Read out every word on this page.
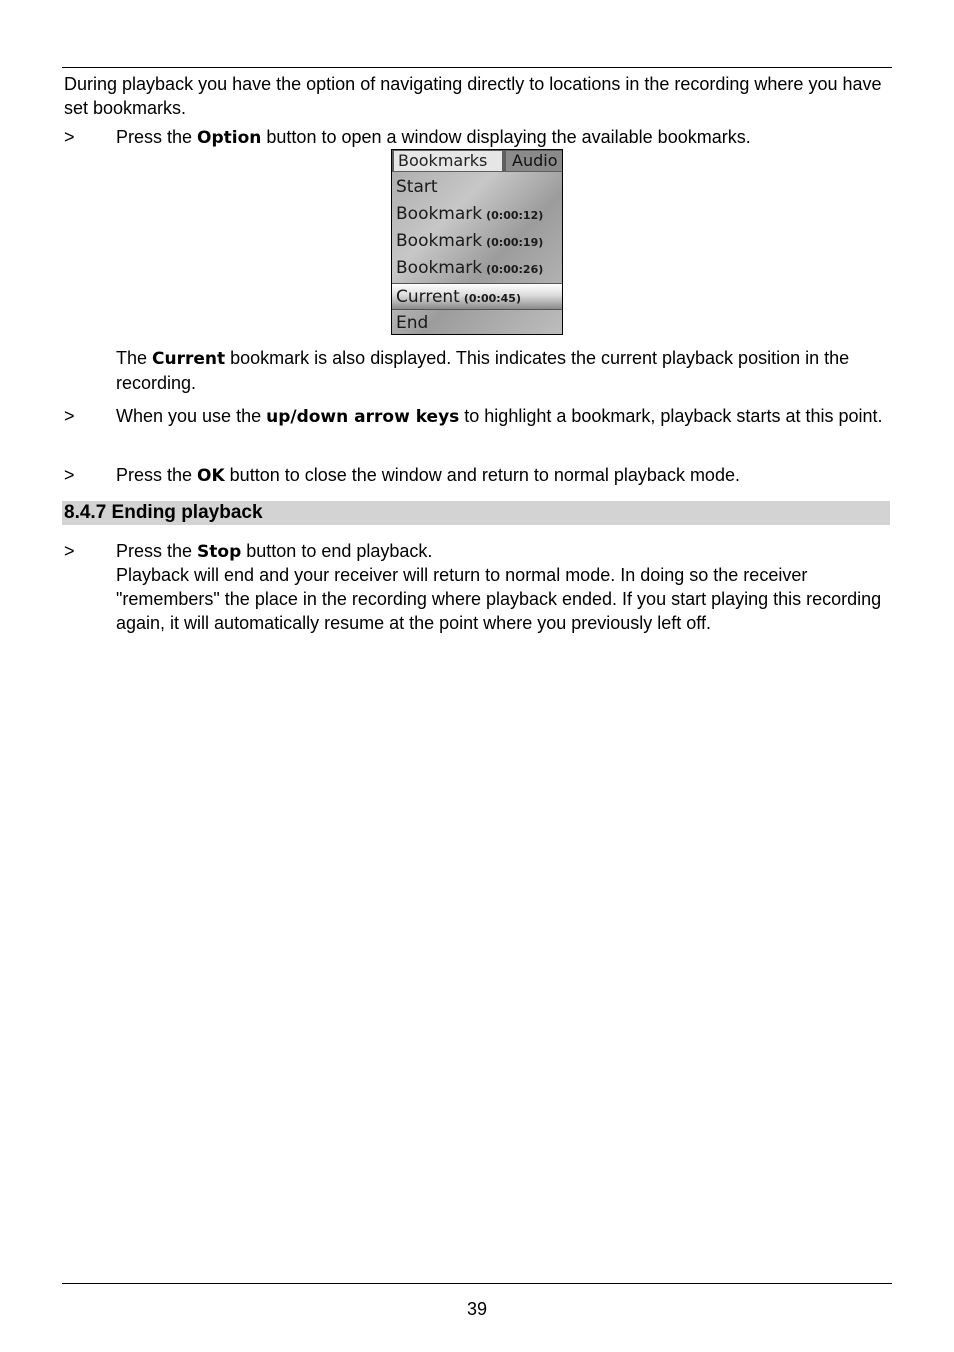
During playback you have the option of navigating directly to locations in the recording where you have set bookmarks.

>	Press the Option button to open a window displaying the available bookmarks.
Bookmarks	Audio
Start
Bookmark (0:00:12)
Bookmark (0:00:19)
Bookmark (0:00:26)
Current (0:00:45)
End

The Current bookmark is also displayed. This indicates the current playback position in the recording.

>	When you use the up/down arrow keys to highlight a bookmark, playback starts at this point.
>	Press the OK button to close the window and return to normal playback mode.
8.4.7 Ending playback
>	Press the Stop button to end playback.

Playback will end and your receiver will return to normal mode. In doing so the receiver "remembers" the place in the recording where playback ended. If you start playing this recording again, it will automatically resume at the point where you previously left off.

39
